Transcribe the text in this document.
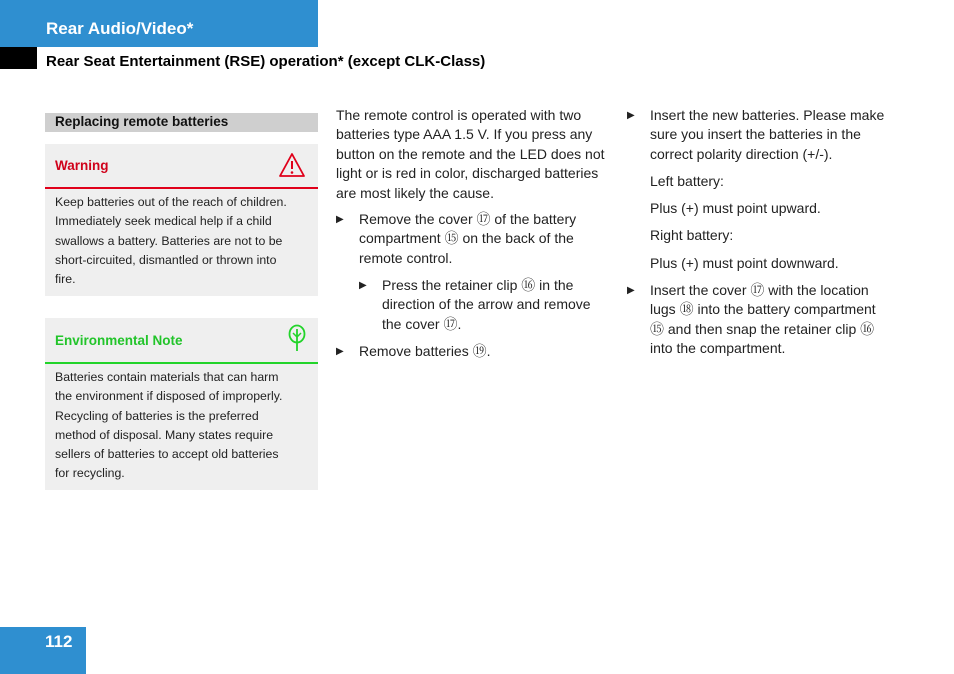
Rear Audio/Video*
Rear Seat Entertainment (RSE) operation* (except CLK-Class)
Replacing remote batteries
Warning
Keep batteries out of the reach of children.
Immediately seek medical help if a child
swallows a battery. Batteries are not to be
short-circuited, dismantled or thrown into
fire.
Environmental Note
Batteries contain materials that can harm
the environment if disposed of improperly.
Recycling of batteries is the preferred
method of disposal. Many states require
sellers of batteries to accept old batteries
for recycling.
The remote control is operated with two
batteries type AAA 1.5 V. If you press any
button on the remote and the LED does not
light or is red in color, discharged batteries
are most likely the cause.
▶ Remove the cover ⑰ of the battery
compartment ⑮ on the back of the
remote control.
▶ Press the retainer clip ⑯ in the
direction of the arrow and remove
the cover ⑰.
▶ Remove batteries ⑲.
▶ Insert the new batteries. Please make
sure you insert the batteries in the
correct polarity direction (+/-).
Left battery:
Plus (+) must point upward.
Right battery:
Plus (+) must point downward.
▶ Insert the cover ⑰ with the location
lugs ⑱ into the battery compartment
⑮ and then snap the retainer clip ⑯
into the compartment.
112
